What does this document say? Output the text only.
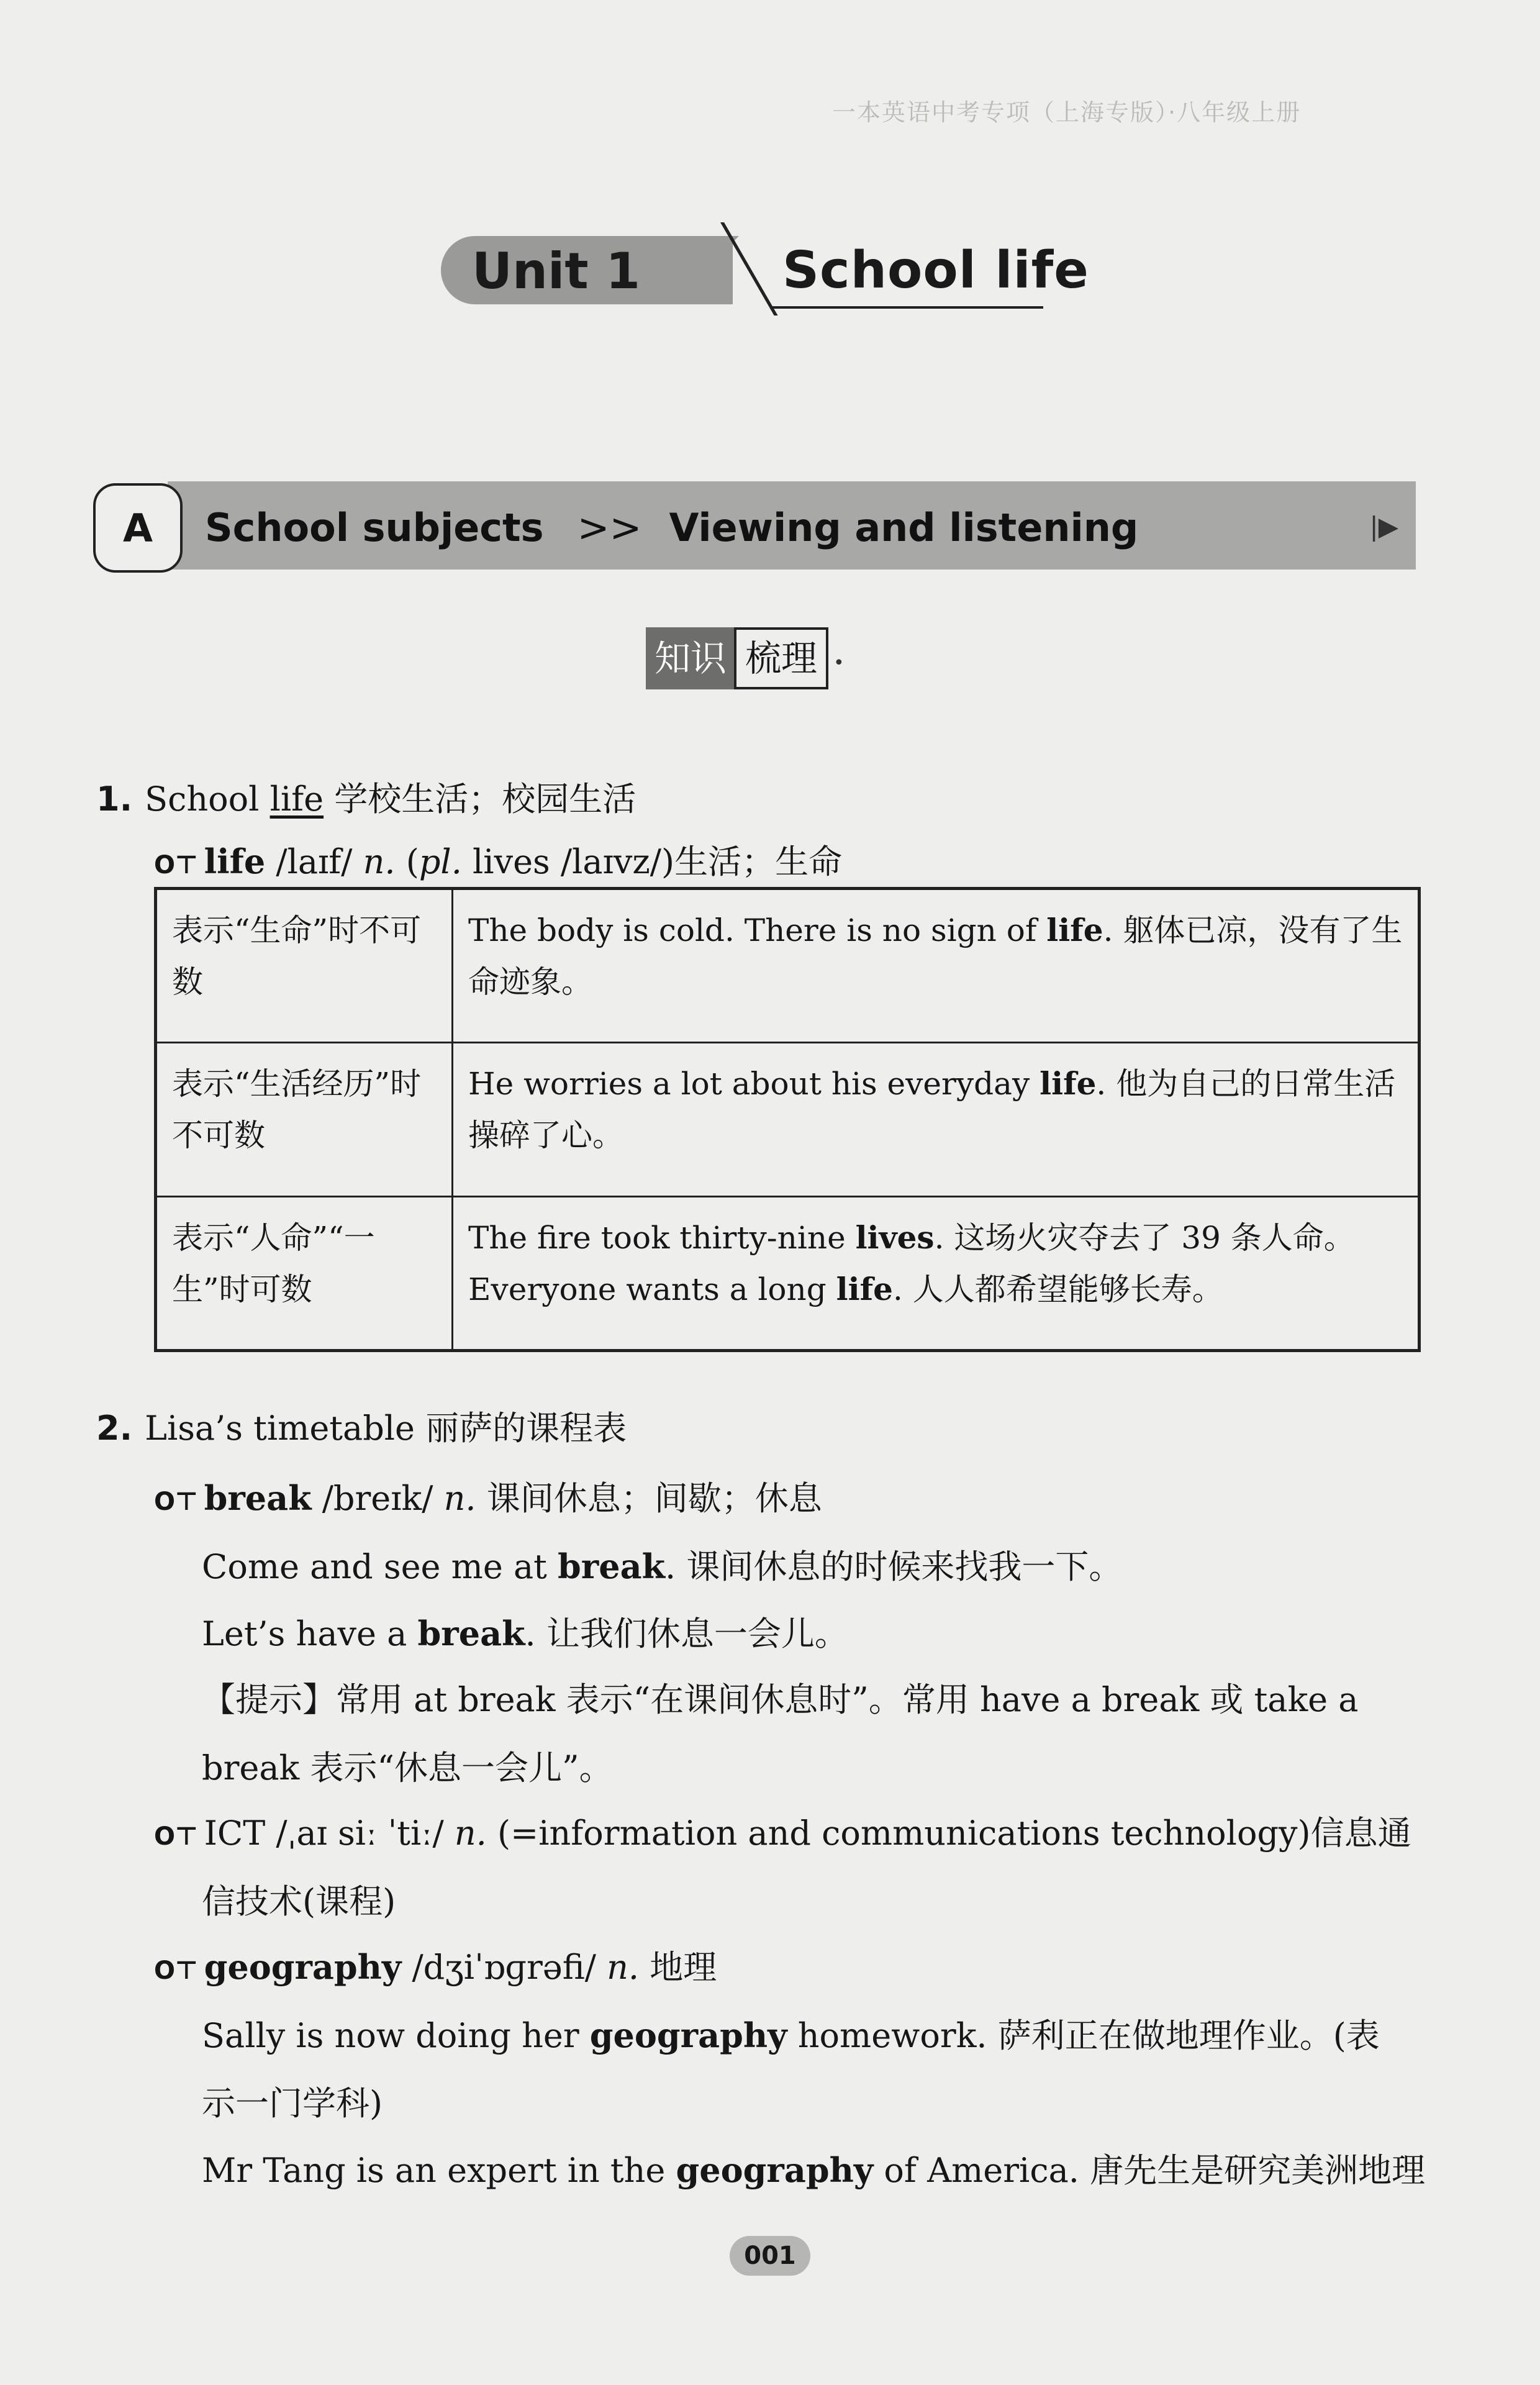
一本英语中考专项（上海专版）·八年级上册
Unit 1	School life
A	School subjects >> Viewing and listening	|▶
知识 梳理 •
1. School life 学校生活；校园生活
O⊤ life /laɪf/ n. (pl. lives /laɪvz/)生活；生命
表示“生命”时不可数	The body is cold. There is no sign of life. 躯体已凉，没有了生命迹象。
表示“生活经历”时不可数	He worries a lot about his everyday life. 他为自己的日常生活操碎了心。
表示“人命”“一生”时可数	The fire took thirty-nine lives. 这场火灾夺去了 39 条人命。
Everyone wants a long life. 人人都希望能够长寿。
2. Lisa’s timetable 丽萨的课程表
O⊤ break /breɪk/ n. 课间休息；间歇；休息
Come and see me at break. 课间休息的时候来找我一下。
Let’s have a break. 让我们休息一会儿。
【提示】常用 at break 表示“在课间休息时”。常用 have a break 或 take a
break 表示“休息一会儿”。
O⊤ ICT /ˌaɪ siː ˈtiː/ n. (=information and communications technology)信息通
信技术(课程)
O⊤ geography /dʒiˈɒɡrəfi/ n. 地理
Sally is now doing her geography homework. 萨利正在做地理作业。(表
示一门学科)
Mr Tang is an expert in the geography of America. 唐先生是研究美洲地理
001
